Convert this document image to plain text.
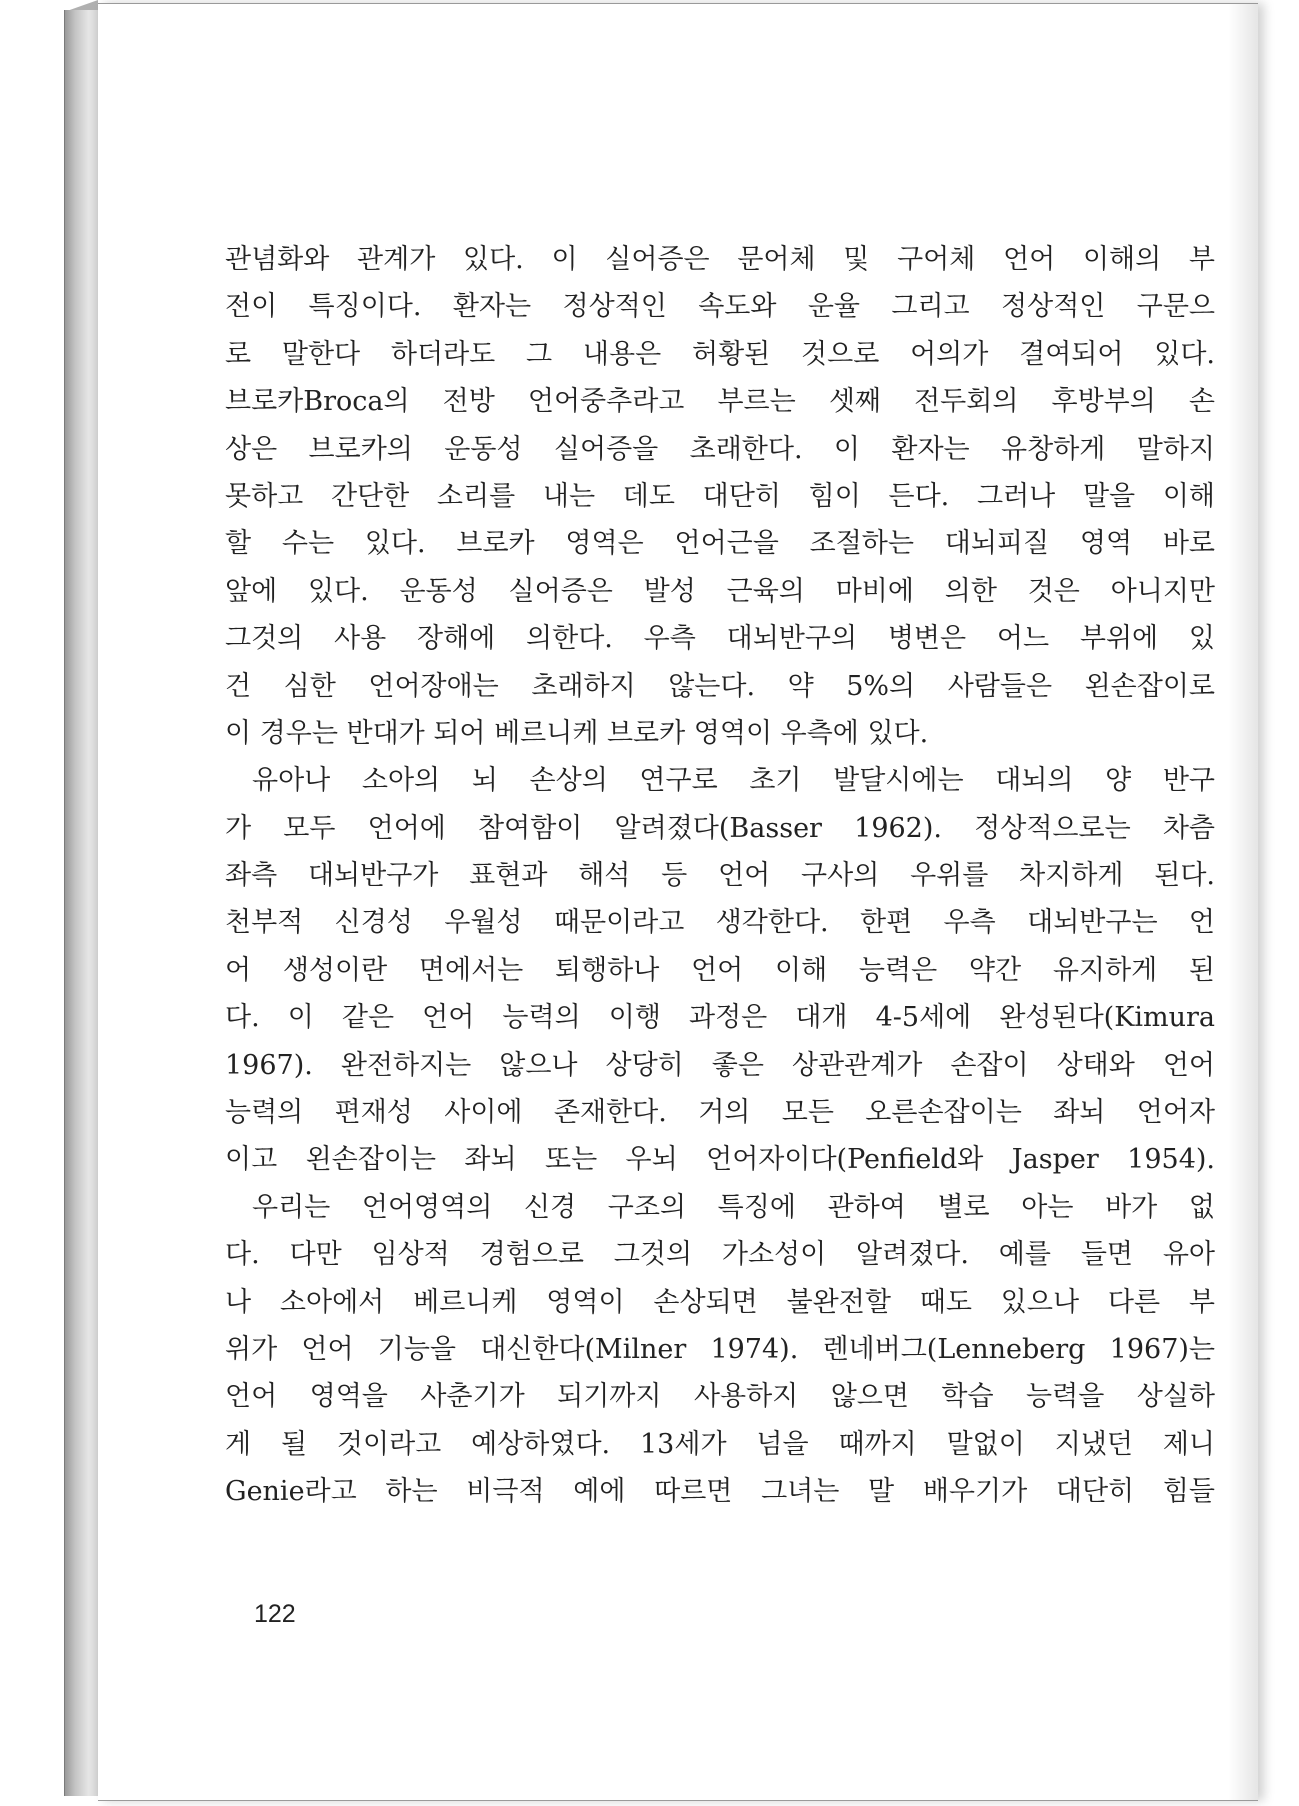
관념화와 관계가 있다. 이 실어증은 문어체 및 구어체 언어 이해의 부
전이 특징이다. 환자는 정상적인 속도와 운율 그리고 정상적인 구문으
로 말한다 하더라도 그 내용은 허황된 것으로 어의가 결여되어 있다.
브로카Broca의 전방 언어중추라고 부르는 셋째 전두회의 후방부의 손
상은 브로카의 운동성 실어증을 초래한다. 이 환자는 유창하게 말하지
못하고 간단한 소리를 내는 데도 대단히 힘이 든다. 그러나 말을 이해
할 수는 있다. 브로카 영역은 언어근을 조절하는 대뇌피질 영역 바로
앞에 있다. 운동성 실어증은 발성 근육의 마비에 의한 것은 아니지만
그것의 사용 장해에 의한다. 우측 대뇌반구의 병변은 어느 부위에 있
건 심한 언어장애는 초래하지 않는다. 약 5%의 사람들은 왼손잡이로
이 경우는 반대가 되어 베르니케 브로카 영역이 우측에 있다.
유아나 소아의 뇌 손상의 연구로 초기 발달시에는 대뇌의 양 반구
가 모두 언어에 참여함이 알려졌다(Basser 1962). 정상적으로는 차츰
좌측 대뇌반구가 표현과 해석 등 언어 구사의 우위를 차지하게 된다.
천부적 신경성 우월성 때문이라고 생각한다. 한편 우측 대뇌반구는 언
어 생성이란 면에서는 퇴행하나 언어 이해 능력은 약간 유지하게 된
다. 이 같은 언어 능력의 이행 과정은 대개 4-5세에 완성된다(Kimura
1967). 완전하지는 않으나 상당히 좋은 상관관계가 손잡이 상태와 언어
능력의 편재성 사이에 존재한다. 거의 모든 오른손잡이는 좌뇌 언어자
이고 왼손잡이는 좌뇌 또는 우뇌 언어자이다(Penfield와 Jasper 1954).
우리는 언어영역의 신경 구조의 특징에 관하여 별로 아는 바가 없
다. 다만 임상적 경험으로 그것의 가소성이 알려졌다. 예를 들면 유아
나 소아에서 베르니케 영역이 손상되면 불완전할 때도 있으나 다른 부
위가 언어 기능을 대신한다(Milner 1974). 렌네버그(Lenneberg 1967)는
언어 영역을 사춘기가 되기까지 사용하지 않으면 학습 능력을 상실하
게 될 것이라고 예상하였다. 13세가 넘을 때까지 말없이 지냈던 제니
Genie라고 하는 비극적 예에 따르면 그녀는 말 배우기가 대단히 힘들
122
